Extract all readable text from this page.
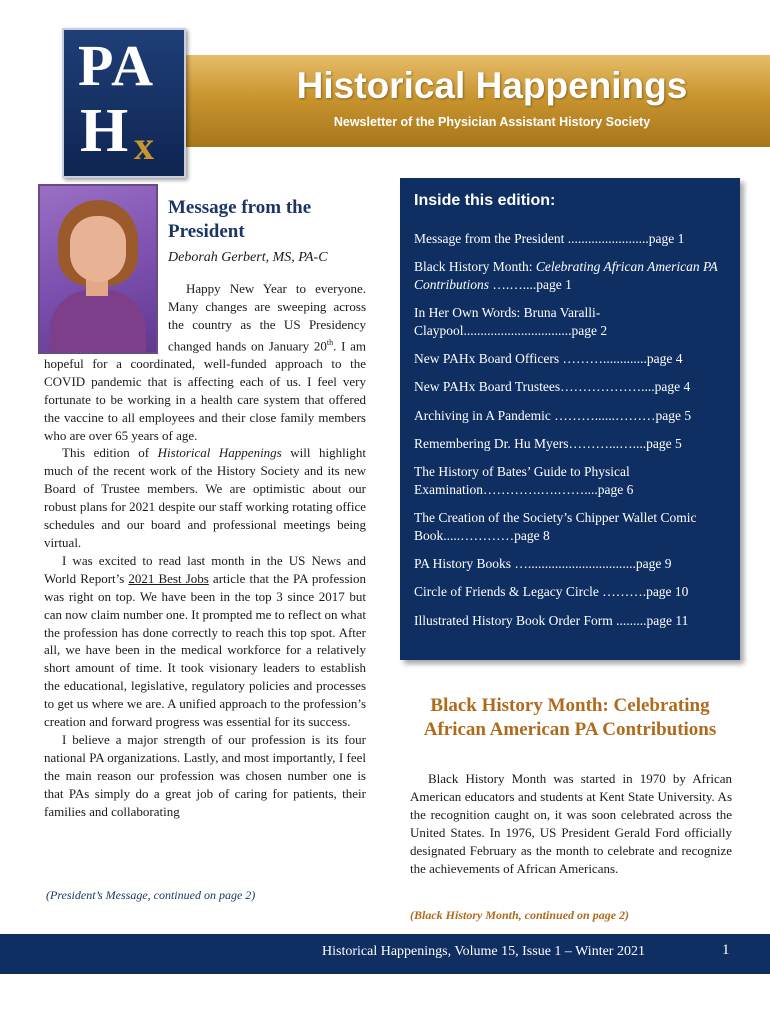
Historical Happenings
Newsletter of the Physician Assistant History Society
PA
H x
Message from the President
Deborah Gerbert, MS, PA-C

Happy New Year to everyone. Many changes are sweeping across the country as the US Presidency changed hands on January 20th. I am hopeful for a coordinated, well-funded approach to the COVID pandemic that is affecting each of us. I feel very fortunate to be working in a health care system that offered the vaccine to all employees and their close family members who are over 65 years of age.

This edition of Historical Happenings will highlight much of the recent work of the History Society and its new Board of Trustee members. We are optimistic about our robust plans for 2021 despite our staff working rotating office schedules and our board and professional meetings being virtual.

I was excited to read last month in the US News and World Report’s 2021 Best Jobs article that the PA profession was right on top. We have been in the top 3 since 2017 but can now claim number one. It prompted me to reflect on what the profession has done correctly to reach this top spot. After all, we have been in the medical workforce for a relatively short amount of time. It took visionary leaders to establish the educational, legislative, regulatory policies and processes to get us where we are. A unified approach to the profession’s creation and forward progress was essential for its success.

I believe a major strength of our profession is its four national PA organizations. Lastly, and most importantly, I feel the main reason our profession was chosen number one is that PAs simply do a great job of caring for patients, their families and collaborating

(President’s Message, continued on page 2)
Inside this edition:
Message from the President ........................page 1
Black History Month: Celebrating African American PA Contributions ….…....page 1
In Her Own Words: Bruna Varalli-Claypool................................page 2
New PAHx Board Officers ……….............page 4
New PAHx Board Trustees………………....page 4
Archiving in A Pandemic ………......………page 5
Remembering Dr. Hu Myers………...…....page 5
The History of Bates’ Guide to Physical Examination………….….……....page 6
The Creation of the Society’s Chipper Wallet Comic Book.....…………page 8
PA History Books …................................page 9
Circle of Friends & Legacy Circle ……….page 10
Illustrated History Book Order Form .........page 11
Black History Month: Celebrating African American PA Contributions
Black History Month was started in 1970 by African American educators and students at Kent State University. As the recognition caught on, it was soon celebrated across the United States. In 1976, US President Gerald Ford officially designated February as the month to celebrate and recognize the achievements of African Americans.
(Black History Month, continued on page 2)
Historical Happenings, Volume 15, Issue 1 – Winter 2021	1
